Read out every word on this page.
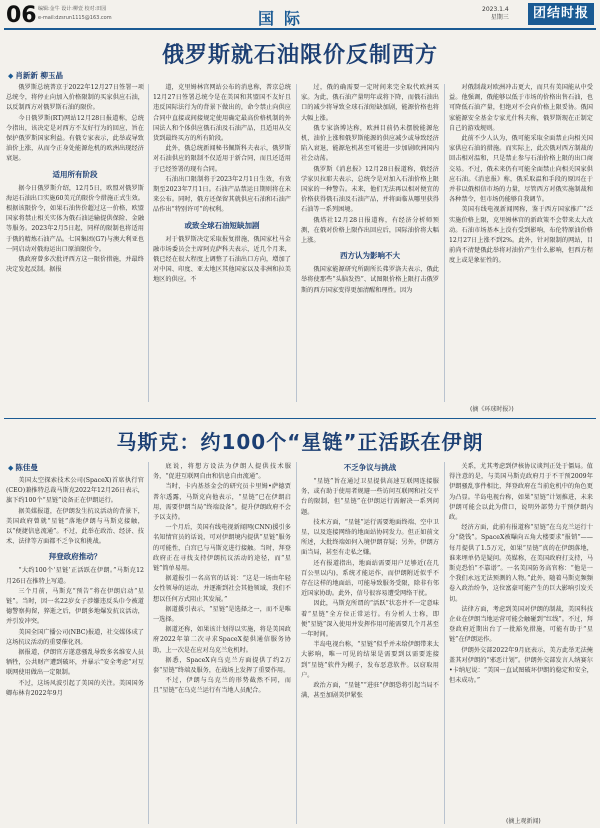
06 编辑:金牛 设计:柳壹 校对:田园
e-mail:dzsrun1115@163.com	国际	2023.1.4
星期三	团结时报
俄罗斯就石油限价反制西方
◆ 肖新新 柳玉晶

俄罗斯总统普京于2022年12月27日签署一项总统令，将停止向加入价格限制的买家供应石油，以反制西方对俄罗斯石油的限价。

今日俄罗斯(RT)网站12月28日报道称，总统令指出，该决定是对西方不友好行为的回应，旨在保护俄罗斯国家利益。有俄专家表示，此举或导致油价上涨，从而令正身处能源危机的欧洲出现经济衰退。

适用所有阶段

据今日俄罗斯介绍，12月5日，欧盟对俄罗斯海运石油出口实施60美元的限价令措施正式生效。根据该限价令，如果石油售价超过这一价格，欧盟国家将禁止相关实体为俄石油运输提供保险、金融等服务。2023年2月5日起，同样的限制也将适用于俄的精炼石油产品。七国集团(G7)与澳大利亚也一同启动对俄海运出口原油限价令。

俄政府曾多次批评西方这一限价措施，并最终决定发起反制。据报

道，克里姆林宫网站公布的消息称，普京总统12月27日签署总统令是在美国和其盟国不友好且违反国际法行为的背景下做出的，命令禁止向供应合同中直接或间接规定使用确定最高价格机制的外国法人和个体供应俄石油及石油产品，且适用从交货到最终买方的所有阶段。

此外，俄总统新闻秘书佩斯科夫表示，俄罗斯对石油供应的限制不仅适用于新合同，而且还适用于已经签署的现有合同。

石油出口限制将于2023年2月1日生效，有效期至2023年7月1日。石油产品禁运日期则将在未来公布。同时，俄方还保留其就供应石油和石油产品作出“特别许可”的权利。

或致全球石油短缺加剧

对于俄罗斯决定采取报复措施，俄国家杜马金融市场委员会主席阿克萨科夫表示，近几个月来，俄已经在很大程度上调整了石油出口方向，增加了对中国、印度、亚太地区其他国家以及非洲和拉美地区的供应。不

过，俄的确需要一定时间来完全取代欧洲买家。为此，俄石油产量明年或将下降，而俄石油出口的减少将导致全球石油短缺加剧，能源价格也将大幅上涨。

俄专家洛博达称，欧洲目前仍未摆脱能源危机，油价上涨和俄罗斯能源的供应减少或导致经济陷入衰退，能源危机甚至可能进一步加剧欧洲国内社会动荡。

俄罗斯《消息报》12月28日报道称，俄经济学家贝拉耶夫表示，总统令是对加入石油价格上限国家的一种警告。未来，他们无法再以相对便宜的价格获得俄石油及石油产品，并将面临从哪里获得石油等一系列困境。

俄塔社12月28日报道称，有经济分析师预测，在俄对价格上限作出回应后，国际油价将大幅上涨。

西方认为影响不大

俄国家能源研究所副所长弗罗洛夫表示，俄此举将使那些“头脑发热”、试图限价格上限打击俄罗斯的西方国家变得更加清醒和理性。因为

对俄制裁对欧洲冲击更大，而只有美国能从中受益。他强调，俄能够以低于市场的价格出售石油，也可降低石油产量，但绝对不会向价格上限妥协。俄国家能源安全基金专家尤什科夫称，俄罗斯现在正制定自己的游戏规则。

此前不少人认为，俄可能采取全面禁止向相关国家供应石油的措施。而实际上，此次俄对西方制裁的回击相对温和，只是禁止参与石油价格上限的出口商交易。不过，俄未来仍有可能全面禁止向相关国家供应石油。《消息报》称，俄采取温和手段的原因在于并非以俄相信市场的力量，尽管西方对俄实施制裁和各种禁令，但市场仍能够自我调节。

美国有线电视新闻网称，鉴于西方国家推广“泛实施价格上限，克里姆林宫的新政策不会带来太大改动。石油市场基本上没有受到影响，布伦特原油价格12月27日上涨不到2%。此外，针对限制的网站，目前尚不清楚俄此举将对油价产生什么影响，但西方程度上或是象征性的。

(摘《环球时报》)
马斯克：约100个“星链”正活跃在伊朗
◆ 陈佳曼

美国太空探索技术公司(SpaceX)首席执行官(CEO)兼推特总裁马斯克2022年12月26日表示，旗下约100个“星链”设备正在伊朗运行。

据美媒报道，在伊朗发生抗议活动的背景下，美国政府曾就“星链”落地伊朗与马斯克接触，以“便捷信息流通”。不过，此举在政治、经济、技术、法律等方面都不乏争议和挑战。

拜登政府推动？

“大约100个‘星链’正活跃在伊朗。”马斯克12月26日在推特上写道。

三个月前，马斯克“预告”将在伊朗启动“星链”。当时，因一名22岁女子涉嫌违反头巾令被道德警察拘留，猝逝之后，伊朗多地爆发抗议活动，并引发冲突。

美国全国广播公司(NBC)报道，社交媒体成了这场抗议活动的重要催化剂。

据报道，伊朗官方遂意骚乱导致多名维安人员牺牲，公共财产遭到破坏，并暴示“安全考虑”对互联网使用做出一定限制。

不过，这场风波引起了美国的关注。美国国务卿布林肯2022年9月

底说，将想方设法为伊朗人提供技术服务，“促进互联网自由和信息自由流通”。

当时，卡内基基金会的研究员卡里姆•萨德贾普尔透露，马斯克向他表示，“星链”已在伊朗启用，需要伊朗当局“终端设备”。提升伊朗政府不会予以支持。

一个月后，美国有线电视新闻网(CNN)援引多名知情官员的话说，可对伊朗境内提供“星链”服务的可能性，白宫已与马斯克进行接触。当时，拜登政府正在寻找支持伊朗抗议活动的途径，而“星链”简单易用。

据道报引一名高官的话说：“这是一场由年轻女性领导的运动，并逐渐到社会其他领域，我们不想以任何方式阻止其发展。”

据道援引表示，“星链”是选择之一，而不是唯一选择。

据道还称，如果该计划得以实施，将是美国政府2022年第二次寻求SpaceX提供通信服务协助，上一次是在应对乌克兰危机时。

据悉，SpaceX向乌克兰方面提供了约2万套“星链”终端及服务，在战场上发挥了重要作用。

不过，伊朗与乌克兰的形势截然不同，而且“星链”在乌克兰运行有当地人员配合。

不乏争议与挑战

“星链”旨在通过卫星提供高速互联网连接服务，或有助于使用者规避一些访问互联网和社交平台的限制，但“星链”在伊朗运行需解决一系列问题。

技术方面，“星链”运行需要地面终端、空中卫星，以及连接网络的地面站协同发力。但正如前文所述，大批终端如何入境伊朗存疑；另外，伊朗方面当局，甚至有走私之嫌。

还有报道指出，地面站需要用户足够近(在几百公里以内)，系统才能运作，而伊朗附近似乎不存在这样的地面站，可能导致服务受限，除非有邻近国家协助。此外，信号很容易遭受网络干扰。

因此，马斯克所谓的“活跃”状态并不一定意味着“星链”全方位正常运行。有分析人士称，即便“星链”深入使用并发挥作用可能需要几个月甚至一年时间。

半岛电视台称，“星链”似乎并未给伊朗带来太大影响，唯一可见的结果是需要到以需要连接到“星链”软件为幌子，发布恶意软件。以窃取用户。

政治方面，“星链”“进驻”伊朗恐将引起当局不满，甚至加剧美伊紧张

关系，尤其考虑到伊核协议谈判正处于僵局。值得注意的是，与美国马斯克政府月于不干预2009年伊朗骚乱事件相比，拜登政府在当前危机中的角色更为凸显。半岛电视台称，如果“星链”计划推进，未来伊朗可能会以此为借口，说明外部势力干预伊朗内政。

经济方面，此前有报道称“星链”在乌克兰运行十分“烧钱”。SpaceX被曝向五角大楼要求“报销”——每月提供了1.5万元，如果“星链”真的在伊朗落地，谁来埋单仍是疑问。英媒称，在美国政府打支持，马斯克恐怕“不靠谱”。一名美国防务高官称：“他是一个我们永远无法预测的人物。”此外，随着马斯克频频卷入政治纷争，这位富豪可能产生的巨大影响引发关切。

法律方面，考虑到美国对伊朗的制裁，美国科技企业在伊朗当地运营可能会触碰到“红线”。不过，拜登政府近期出台了一批豁免措施，可能有助于“星链”在伊朗运作。

伊朗外交部2022年9月底表示，美方此举无法掩盖其对伊朗的“邪恶计划”。伊朗外交部发言人纳赛尔•卡纳尼说：“美国一直试图破坏伊朗的稳定和安全，但未成功。”

(摘上观新闻)
